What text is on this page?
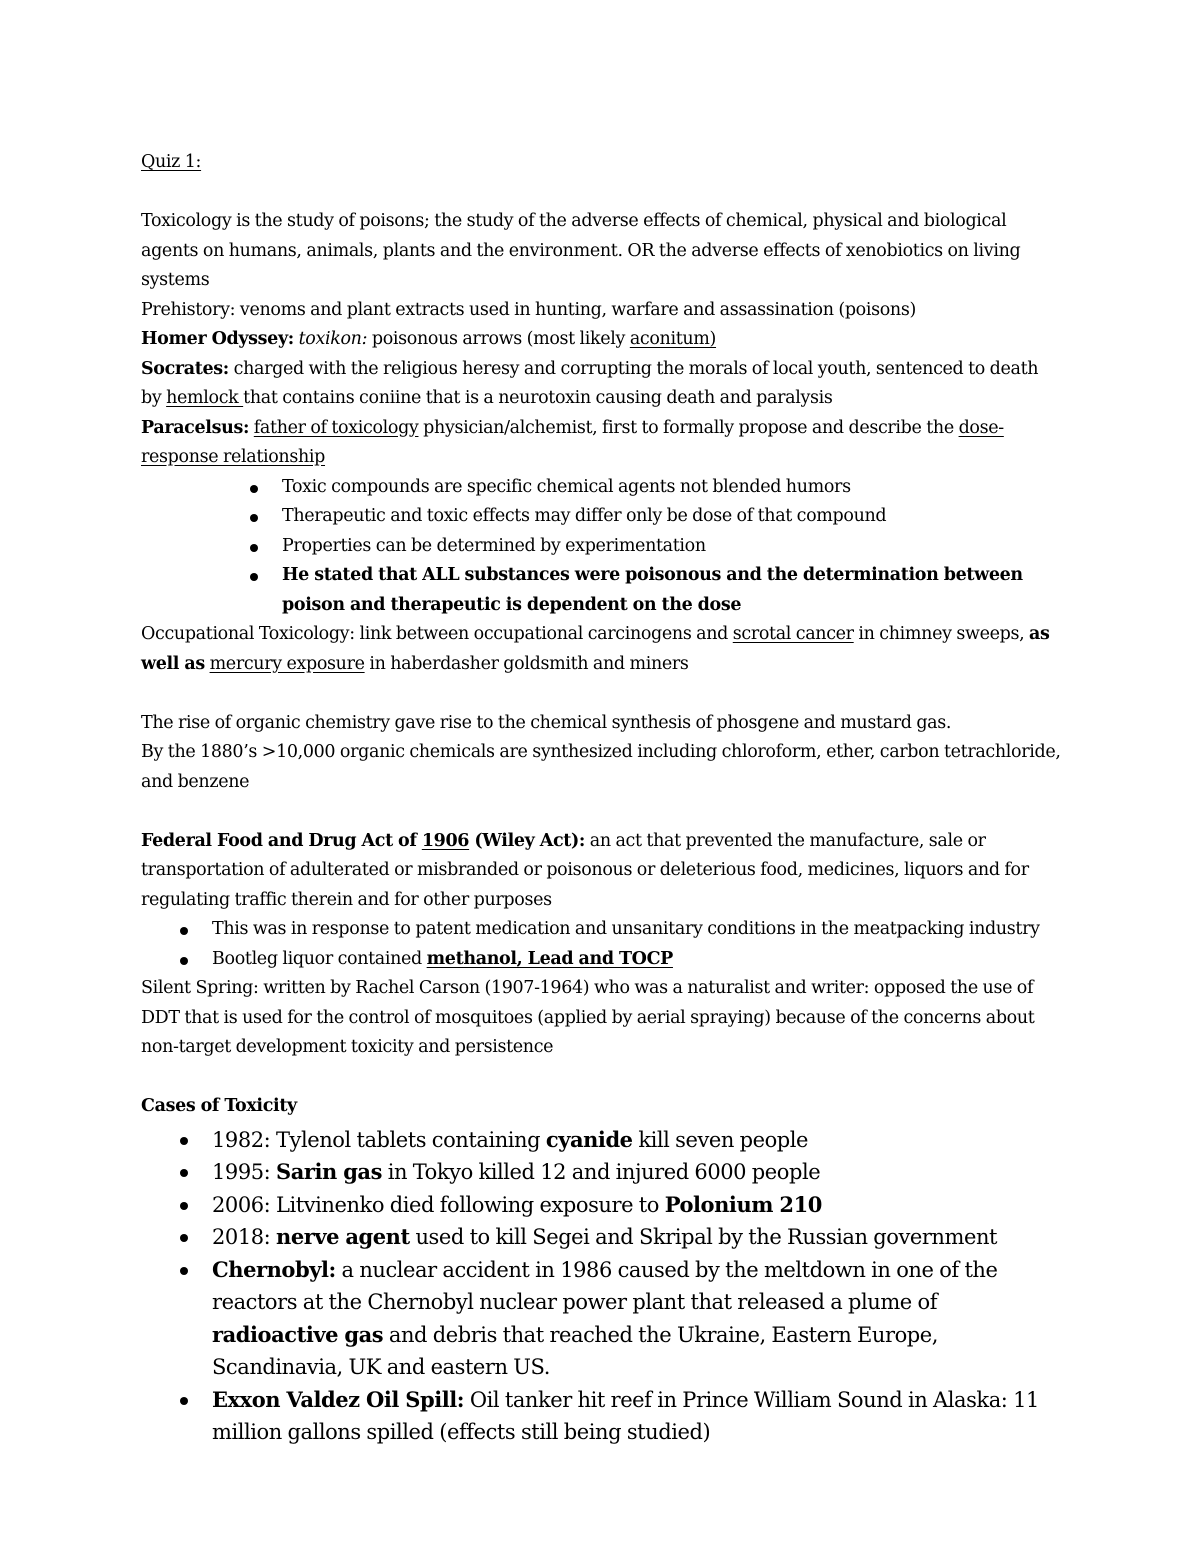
Quiz 1:

Toxicology is the study of poisons; the study of the adverse effects of chemical, physical and biological agents on humans, animals, plants and the environment. OR the adverse effects of xenobiotics on living systems

Prehistory: venoms and plant extracts used in hunting, warfare and assassination (poisons)

Homer Odyssey: toxikon: poisonous arrows (most likely aconitum)

Socrates: charged with the religious heresy and corrupting the morals of local youth, sentenced to death by hemlock that contains coniine that is a neurotoxin causing death and paralysis

Paracelsus: father of toxicology physician/alchemist, first to formally propose and describe the dose-response relationship

Toxic compounds are specific chemical agents not blended humors
Therapeutic and toxic effects may differ only be dose of that compound
Properties can be determined by experimentation
He stated that ALL substances were poisonous and the determination between poison and therapeutic is dependent on the dose

Occupational Toxicology: link between occupational carcinogens and scrotal cancer in chimney sweeps, as well as mercury exposure in haberdasher goldsmith and miners

The rise of organic chemistry gave rise to the chemical synthesis of phosgene and mustard gas.

By the 1880’s >10,000 organic chemicals are synthesized including chloroform, ether, carbon tetrachloride, and benzene

Federal Food and Drug Act of 1906 (Wiley Act): an act that prevented the manufacture, sale or transportation of adulterated or misbranded or poisonous or deleterious food, medicines, liquors and for regulating traffic therein and for other purposes

This was in response to patent medication and unsanitary conditions in the meatpacking industry
Bootleg liquor contained methanol, Lead and TOCP

Silent Spring: written by Rachel Carson (1907-1964) who was a naturalist and writer: opposed the use of DDT that is used for the control of mosquitoes (applied by aerial spraying) because of the concerns about non-target development toxicity and persistence

Cases of Toxicity

1982: Tylenol tablets containing cyanide kill seven people
1995: Sarin gas in Tokyo killed 12 and injured 6000 people
2006: Litvinenko died following exposure to Polonium 210
2018: nerve agent used to kill Segei and Skripal by the Russian government
Chernobyl: a nuclear accident in 1986 caused by the meltdown in one of the reactors at the Chernobyl nuclear power plant that released a plume of radioactive gas and debris that reached the Ukraine, Eastern Europe, Scandinavia, UK and eastern US.
Exxon Valdez Oil Spill: Oil tanker hit reef in Prince William Sound in Alaska: 11 million gallons spilled (effects still being studied)
